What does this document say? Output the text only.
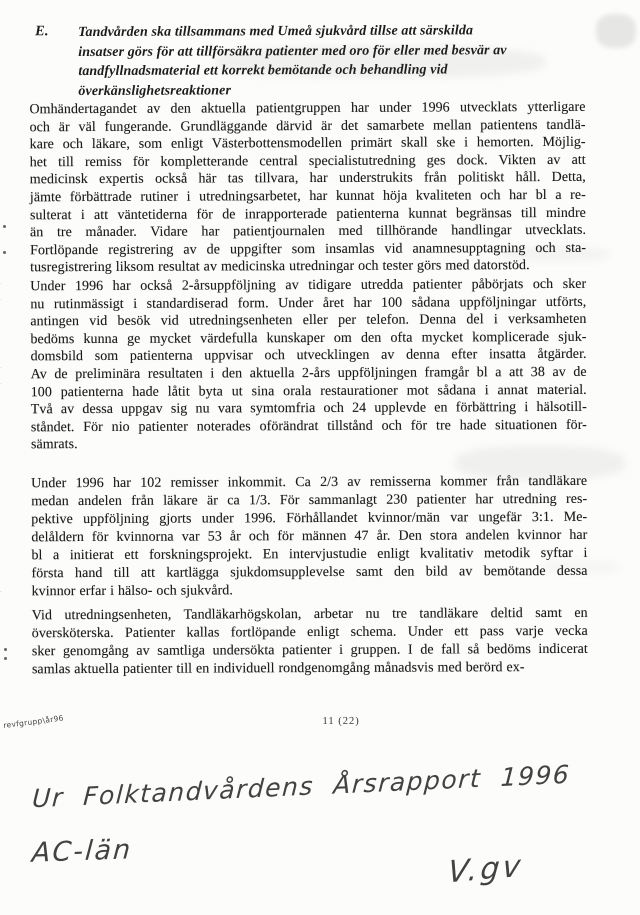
E. Tandvården ska tillsammans med Umeå sjukvård tillse att särskilda
insatser görs för att tillförsäkra patienter med oro för eller med besvär av
tandfyllnadsmaterial ett korrekt bemötande och behandling vid
överkänslighetsreaktioner
Omhändertagandet av den aktuella patientgruppen har under 1996 utvecklats ytterligare
och är väl fungerande. Grundläggande därvid är det samarbete mellan patientens tandlä-
kare och läkare, som enligt Västerbottensmodellen primärt skall ske i hemorten. Möjlig-
het till remiss för kompletterande central specialistutredning ges dock. Vikten av att
medicinsk expertis också här tas tillvara, har understrukits från politiskt håll. Detta,
jämte förbättrade rutiner i utredningsarbetet, har kunnat höja kvaliteten och har bl a re-
sulterat i att väntetiderna för de inrapporterade patienterna kunnat begränsas till mindre
än tre månader. Vidare har patientjournalen med tillhörande handlingar utvecklats.
Fortlöpande registrering av de uppgifter som insamlas vid anamnesupptagning och sta-
tusregistrering liksom resultat av medicinska utredningar och tester görs med datorstöd.
Under 1996 har också 2-årsuppföljning av tidigare utredda patienter påbörjats och sker
nu rutinmässigt i standardiserad form. Under året har 100 sådana uppföljningar utförts,
antingen vid besök vid utredningsenheten eller per telefon. Denna del i verksamheten
bedöms kunna ge mycket värdefulla kunskaper om den ofta mycket komplicerade sjuk-
domsbild som patienterna uppvisar och utvecklingen av denna efter insatta åtgärder.
Av de preliminära resultaten i den aktuella 2-års uppföljningen framgår bl a att 38 av de
100 patienterna hade låtit byta ut sina orala restaurationer mot sådana i annat material.
Två av dessa uppgav sig nu vara symtomfria och 24 upplevde en förbättring i hälsotill-
ståndet. För nio patienter noterades oförändrat tillstånd och för tre hade situationen för-
sämrats.
Under 1996 har 102 remisser inkommit. Ca 2/3 av remisserna kommer från tandläkare
medan andelen från läkare är ca 1/3. För sammanlagt 230 patienter har utredning res-
pektive uppföljning gjorts under 1996. Förhållandet kvinnor/män var ungefär 3:1. Me-
delåldern för kvinnorna var 53 år och för männen 47 år. Den stora andelen kvinnor har
bl a initierat ett forskningsprojekt. En intervjustudie enligt kvalitativ metodik syftar i
första hand till att kartlägga sjukdomsupplevelse samt den bild av bemötande dessa
kvinnor erfar i hälso- och sjukvård.
Vid utredningsenheten, Tandläkarhögskolan, arbetar nu tre tandläkare deltid samt en
översköterska. Patienter kallas fortlöpande enligt schema. Under ett pass varje vecka
sker genomgång av samtliga undersökta patienter i gruppen. I de fall så bedöms indicerat
samlas aktuella patienter till en individuell rondgenomgång månadsvis med berörd ex-
revfgrupp\år96	11 (22)
Ur Folktandvårdens Årsrapport 1996
AC-län	V.gv
